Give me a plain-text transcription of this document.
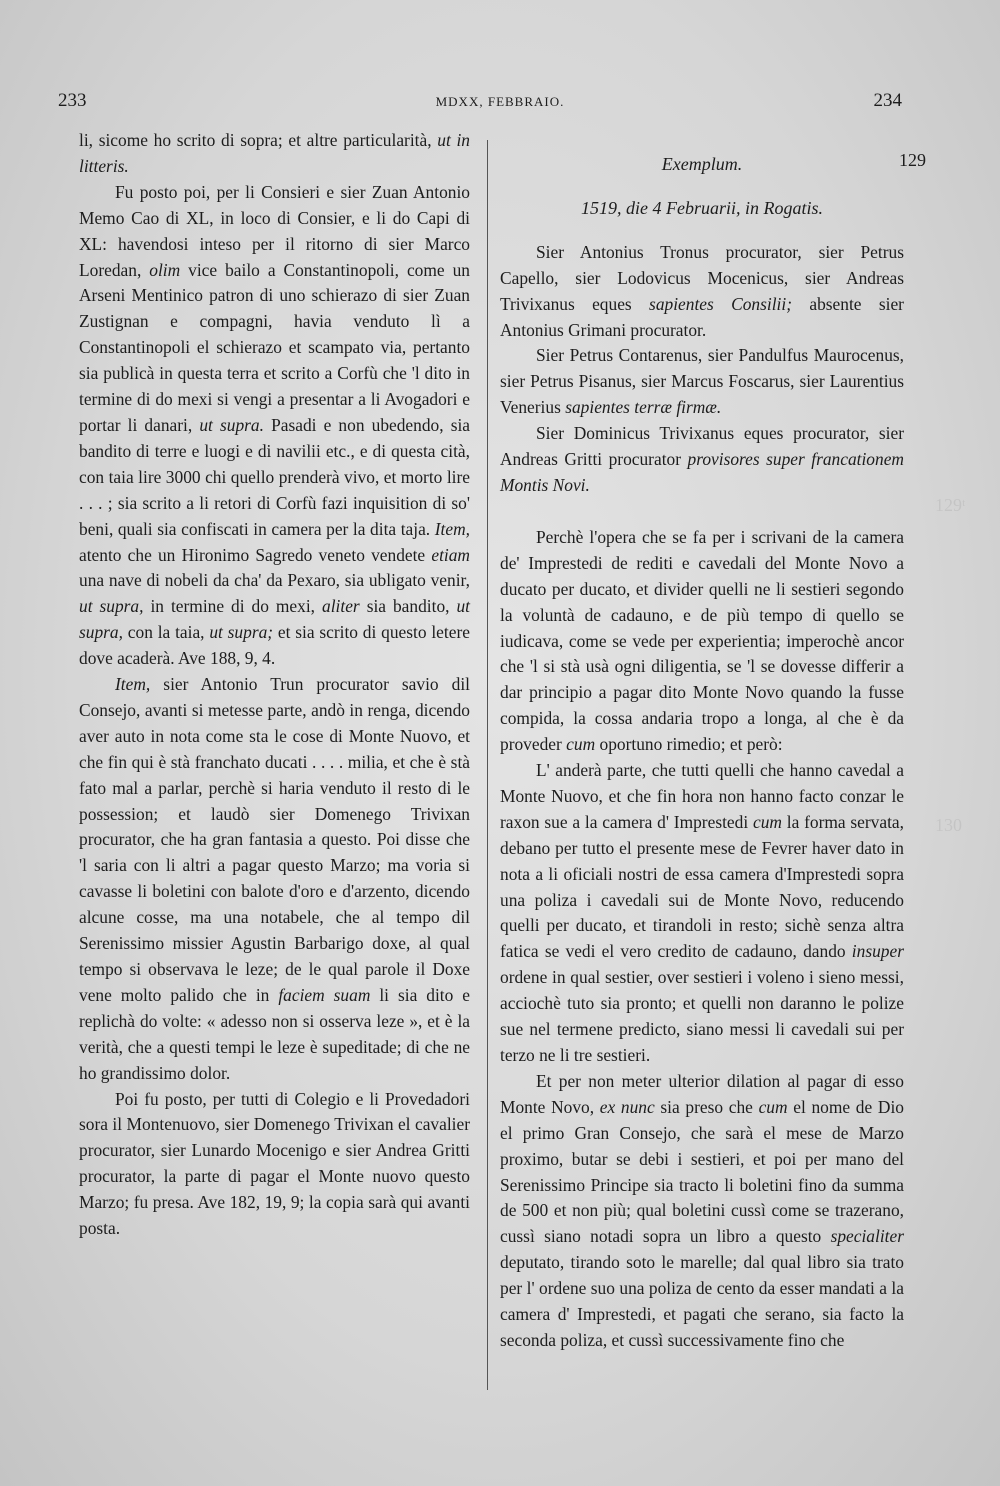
233	MDXX, FEBBRAIO.	234
129
129ᵗ
130

li, sicome ho scrito di sopra; et altre particularità, ut in litteris.

Fu posto poi, per li Consieri e sier Zuan Antonio Memo Cao di XL, in loco di Consier, e li do Capi di XL: havendosi inteso per il ritorno di sier Marco Loredan, olim vice bailo a Constantinopoli, come un Arseni Mentinico patron di uno schierazo di sier Zuan Zustignan e compagni, havia venduto lì a Constantinopoli el schierazo et scampato via, pertanto sia publicà in questa terra et scrito a Corfù che 'l dito in termine di do mexi si vengi a presentar a li Avogadori e portar li danari, ut supra. Pasadi e non ubedendo, sia bandito di terre e luogi e di navilii etc., e di questa cità, con taia lire 3000 chi quello prenderà vivo, et morto lire . . . ; sia scrito a li retori di Corfù fazi inquisition di so' beni, quali sia confiscati in camera per la dita taja. Item, atento che un Hironimo Sagredo veneto vendete etiam una nave di nobeli da cha' da Pexaro, sia ubligato venir, ut supra, in termine di do mexi, aliter sia bandito, ut supra, con la taia, ut supra; et sia scrito di questo letere dove acaderà. Ave 188, 9, 4.

Item, sier Antonio Trun procurator savio dil Consejo, avanti si metesse parte, andò in renga, dicendo aver auto in nota come sta le cose di Monte Nuovo, et che fin qui è stà franchato ducati . . . . milia, et che è stà fato mal a parlar, perchè si haria venduto il resto di le possession; et laudò sier Domenego Trivixan procurator, che ha gran fantasia a questo. Poi disse che 'l saria con li altri a pagar questo Marzo; ma voria si cavasse li boletini con balote d'oro e d'arzento, dicendo alcune cosse, ma una notabele, che al tempo dil Serenissimo missier Agustin Barbarigo doxe, al qual tempo si observava le leze; de le qual parole il Doxe vene molto palido che in faciem suam li sia dito e replichà do volte: « adesso non si osserva leze », et è la verità, che a questi tempi le leze è supeditade; di che ne ho grandissimo dolor.

Poi fu posto, per tutti di Colegio e li Provedadori sora il Montenuovo, sier Domenego Trivixan el cavalier procurator, sier Lunardo Mocenigo e sier Andrea Gritti procurator, la parte di pagar el Monte nuovo questo Marzo; fu presa. Ave 182, 19, 9; la copia sarà qui avanti posta.

Exemplum.

1519, die 4 Februarii, in Rogatis.

Sier Antonius Tronus procurator, sier Petrus Capello, sier Lodovicus Mocenicus, sier Andreas Trivixanus eques sapientes Consilii; absente sier Antonius Grimani procurator.

Sier Petrus Contarenus, sier Pandulfus Maurocenus, sier Petrus Pisanus, sier Marcus Foscarus, sier Laurentius Venerius sapientes terræ firmæ.

Sier Dominicus Trivixanus eques procurator, sier Andreas Gritti procurator provisores super francationem Montis Novi.

Perchè l'opera che se fa per i scrivani de la camera de' Imprestedi de rediti e cavedali del Monte Novo a ducato per ducato, et divider quelli ne li sestieri segondo la voluntà de cadauno, e de più tempo di quello se iudicava, come se vede per experientia; imperochè ancor che 'l si stà usà ogni diligentia, se 'l se dovesse differir a dar principio a pagar dito Monte Novo quando la fusse compida, la cossa andaria tropo a longa, al che è da proveder cum oportuno rimedio; et però:

L' anderà parte, che tutti quelli che hanno cavedal a Monte Nuovo, et che fin hora non hanno facto conzar le raxon sue a la camera d' Imprestedi cum la forma servata, debano per tutto el presente mese de Fevrer haver dato in nota a li oficiali nostri de essa camera d'Imprestedi sopra una poliza i cavedali sui de Monte Novo, reducendo quelli per ducato, et tirandoli in resto; sichè senza altra fatica se vedi el vero credito de cadauno, dando insuper ordene in qual sestier, over sestieri i voleno i sieno messi, acciochè tuto sia pronto; et quelli non daranno le polize sue nel termene predicto, siano messi li cavedali sui per terzo ne li tre sestieri.

Et per non meter ulterior dilation al pagar di esso Monte Novo, ex nunc sia preso che cum el nome de Dio el primo Gran Consejo, che sarà el mese de Marzo proximo, butar se debi i sestieri, et poi per mano del Serenissimo Principe sia tracto li boletini fino da summa de 500 et non più; qual boletini cussì come se trazerano, cussì siano notadi sopra un libro a questo specialiter deputato, tirando soto le marelle; dal qual libro sia trato per l' ordene suo una poliza de cento da esser mandati a la camera d' Imprestedi, et pagati che serano, sia facto la seconda poliza, et cussì successivamente fino che
